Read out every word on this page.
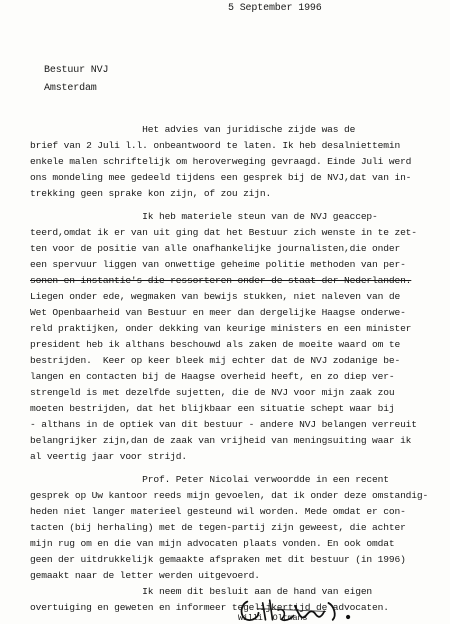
5 September 1996
Bestuur NVJ
Amsterdam
Het advies van juridische zijde was de
brief van 2 Juli l.l. onbeantwoord te laten. Ik heb desalniettemin
enkele malen schriftelijk om heroverweging gevraagd. Einde Juli werd
ons mondeling mee gedeeld tijdens een gesprek bij de NVJ,dat van in-
trekking geen sprake kon zijn, of zou zijn.
Ik heb materiele steun van de NVJ geaccep-
teerd,omdat ik er van uit ging dat het Bestuur zich wenste in te zet-
ten voor de positie van alle onafhankelijke journalisten,die onder
een spervuur liggen van onwettige geheime politie methoden van per-
sonen en instantie's die ressorteren onder de staat der Nederlanden.
Liegen onder ede, wegmaken van bewijs stukken, niet naleven van de
Wet Openbaarheid van Bestuur en meer dan dergelijke Haagse onderwe-
reld praktijken, onder dekking van keurige ministers en een minister
president heb ik althans beschouwd als zaken de moeite waard om te
bestrijden.  Keer op keer bleek mij echter dat de NVJ zodanige be-
langen en contacten bij de Haagse overheid heeft, en zo diep ver-
strengeld is met dezelfde sujetten, die de NVJ voor mijn zaak zou
moeten bestrijden, dat het blijkbaar een situatie schept waar bij
- althans in de optiek van dit bestuur - andere NVJ belangen verreuit
belangrijker zijn,dan de zaak van vrijheid van meningsuiting waar ik
al veertig jaar voor strijd.
Prof. Peter Nicolai verwoordde in een recent
gesprek op Uw kantoor reeds mijn gevoelen, dat ik onder deze omstandig-
heden niet langer materieel gesteund wil worden. Mede omdat er con-
tacten (bij herhaling) met de tegen-partij zijn geweest, die achter
mijn rug om en die van mijn advocaten plaats vonden. En ook omdat
geen der uitdrukkelijk gemaakte afspraken met dit bestuur (in 1996)
gemaakt naar de letter werden uitgevoerd.
Willi. Oltmans
Ik neem dit besluit aan de hand van eigen
overtuiging en geweten en informeer tegelijkertijd de advocaten.
